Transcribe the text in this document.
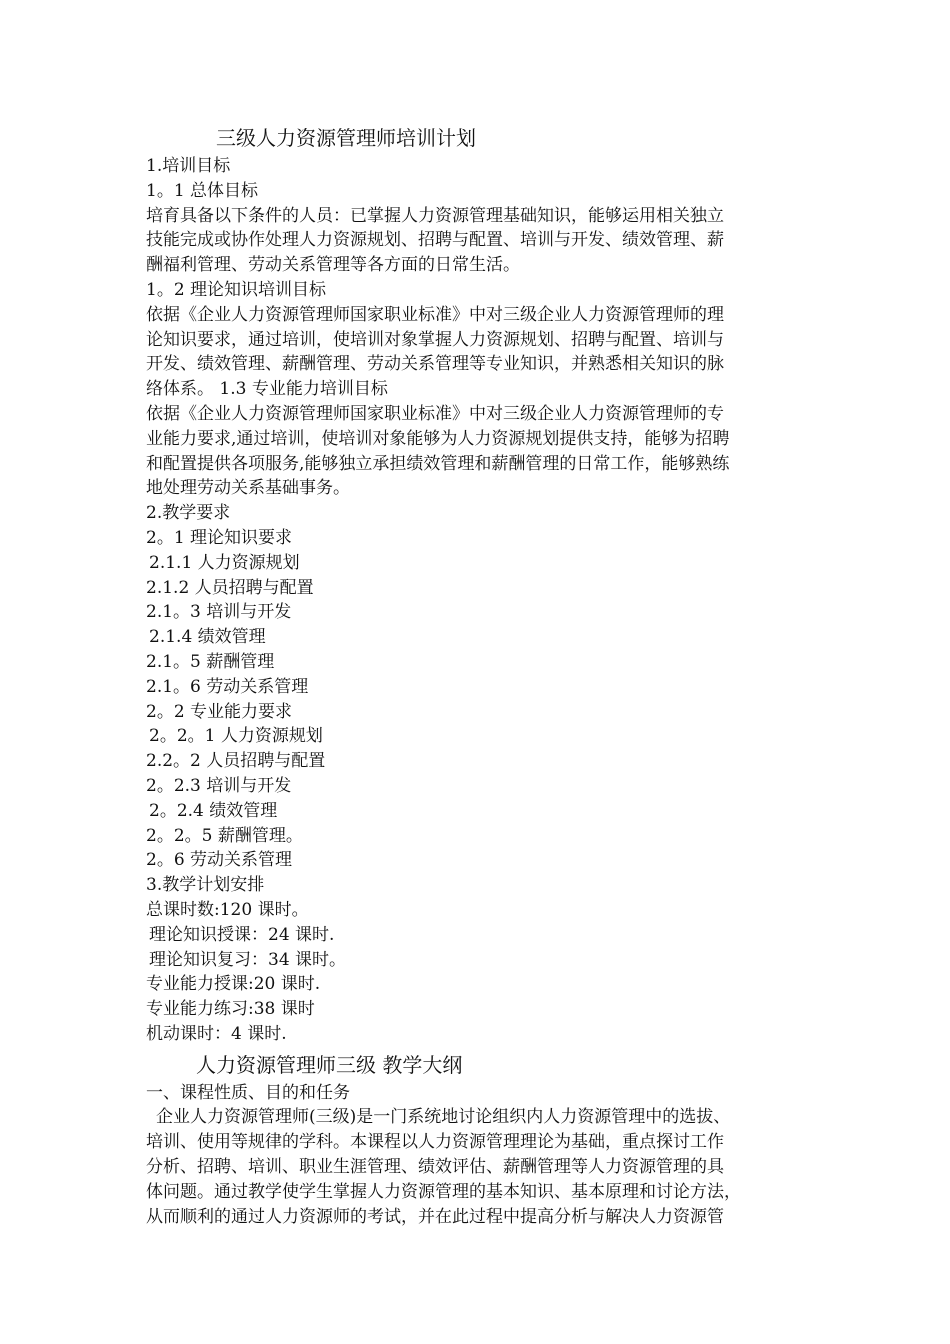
三级人力资源管理师培训计划
1.培训目标
1。1 总体目标
培育具备以下条件的人员：已掌握人力资源管理基础知识，能够运用相关独立
技能完成或协作处理人力资源规划、招聘与配置、培训与开发、绩效管理、薪
酬福利管理、劳动关系管理等各方面的日常生活。
1。2 理论知识培训目标
依据《企业人力资源管理师国家职业标准》中对三级企业人力资源管理师的理
论知识要求，通过培训，使培训对象掌握人力资源规划、招聘与配置、培训与
开发、绩效管理、薪酬管理、劳动关系管理等专业知识，并熟悉相关知识的脉
络体系。 1.3 专业能力培训目标
依据《企业人力资源管理师国家职业标准》中对三级企业人力资源管理师的专
业能力要求,通过培训，使培训对象能够为人力资源规划提供支持，能够为招聘
和配置提供各项服务,能够独立承担绩效管理和薪酬管理的日常工作，能够熟练
地处理劳动关系基础事务。
2.教学要求
2。1 理论知识要求
2.1.1 人力资源规划
2.1.2 人员招聘与配置
2.1。3 培训与开发
2.1.4 绩效管理
2.1。5 薪酬管理
2.1。6 劳动关系管理
2。2 专业能力要求
2。2。1 人力资源规划
2.2。2 人员招聘与配置
2。2.3 培训与开发
2。2.4 绩效管理
2。2。5 薪酬管理。
2。6 劳动关系管理
3.教学计划安排
总课时数:120 课时。
理论知识授课：24 课时.
理论知识复习：34 课时。
专业能力授课:20 课时.
专业能力练习:38 课时
机动课时：4 课时.
人力资源管理师三级 教学大纲
一、课程性质、目的和任务
企业人力资源管理师(三级)是一门系统地讨论组织内人力资源管理中的选拔、
培训、使用等规律的学科。本课程以人力资源管理理论为基础，重点探讨工作
分析、招聘、培训、职业生涯管理、绩效评估、薪酬管理等人力资源管理的具
体问题。通过教学使学生掌握人力资源管理的基本知识、基本原理和讨论方法，
从而顺利的通过人力资源师的考试，并在此过程中提高分析与解决人力资源管
